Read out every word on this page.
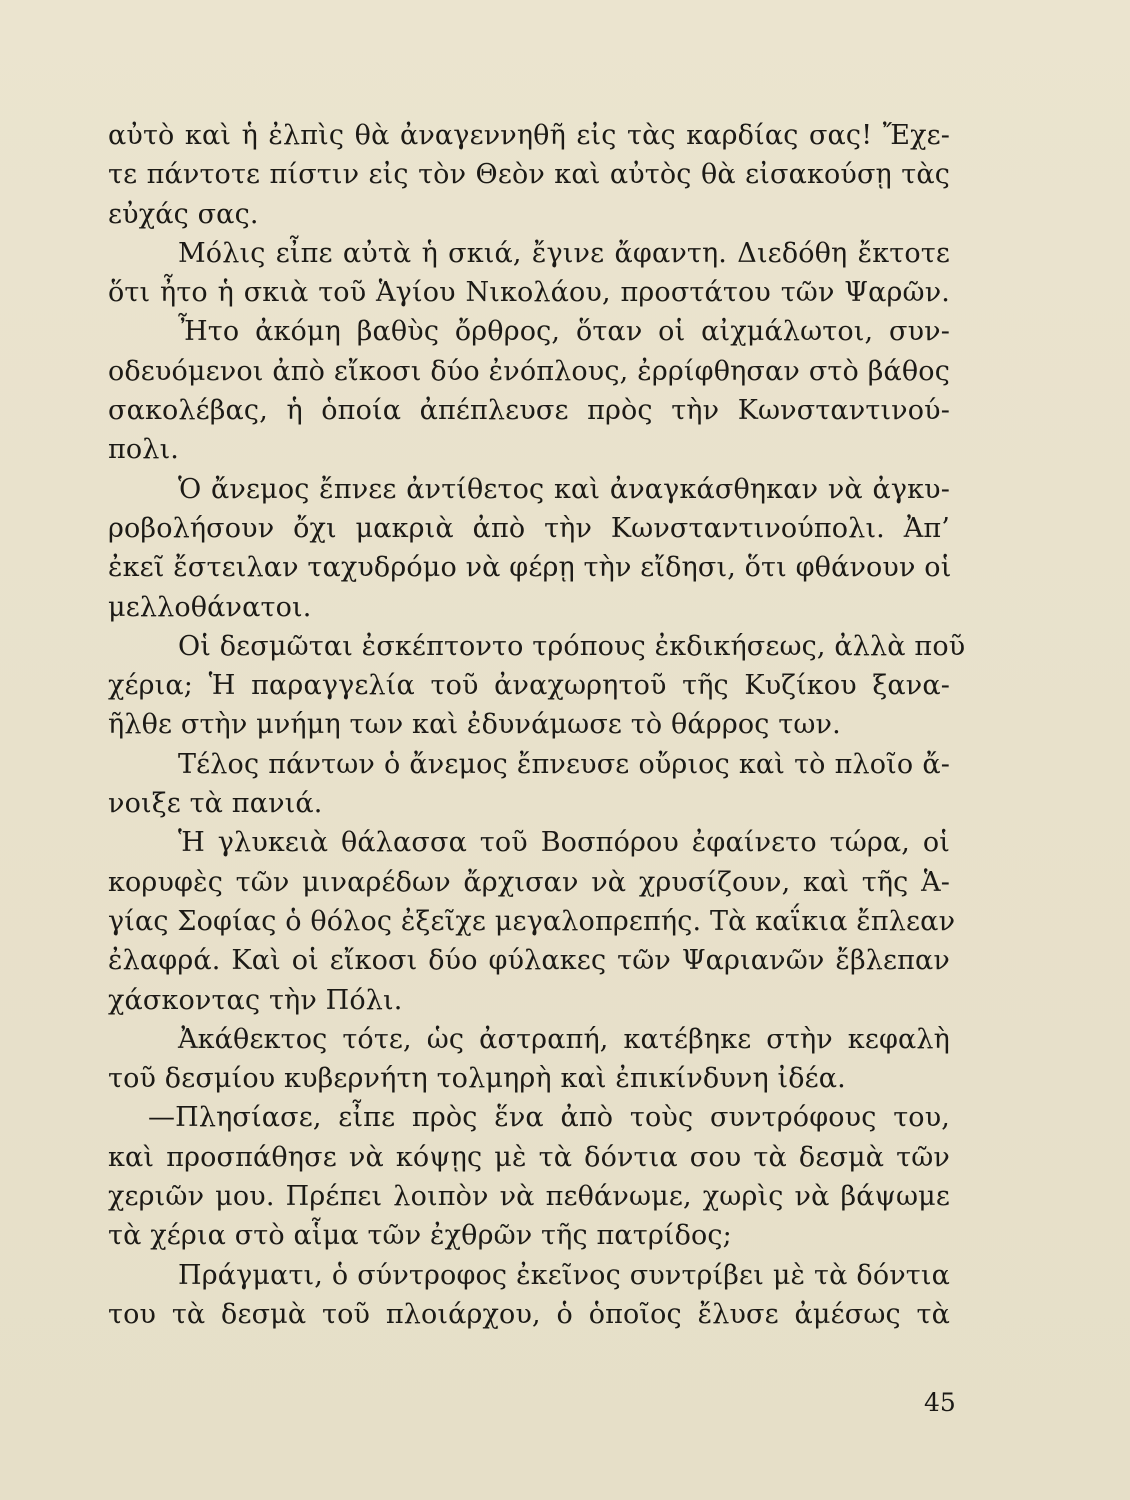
αὐτὸ καὶ ἡ ἐλπὶς θὰ ἀναγεννηθῆ εἰς τὰς καρδίας σας! Ἔχε-
τε πάντοτε πίστιν εἰς τὸν Θεὸν καὶ αὐτὸς θὰ εἰσακούσῃ τὰς
εὐχάς σας.
Μόλις εἶπε αὐτὰ ἡ σκιά, ἔγινε ἄφαντη. Διεδόθη ἔκτοτε
ὅτι ἦτο ἡ σκιὰ τοῦ Ἁγίου Νικολάου, προστάτου τῶν Ψαρῶν.
Ἦτο ἀκόμη βαθὺς ὄρθρος, ὅταν οἱ αἰχμάλωτοι, συν-
οδευόμενοι ἀπὸ εἴκοσι δύο ἐνόπλους, ἐρρίφθησαν στὸ βάθος
σακολέβας, ἡ ὁποία ἀπέπλευσε πρὸς τὴν Κωνσταντινού-
πολι.
Ὁ ἄνεμος ἔπνεε ἀντίθετος καὶ ἀναγκάσθηκαν νὰ ἀγκυ-
ροβολήσουν ὄχι μακριὰ ἀπὸ τὴν Κωνσταντινούπολι. Ἀπ’
ἐκεῖ ἔστειλαν ταχυδρόμο νὰ φέρῃ τὴν εἴδησι, ὅτι φθάνουν οἱ
μελλοθάνατοι.
Οἱ δεσμῶται ἐσκέπτοντο τρόπους ἐκδικήσεως, ἀλλὰ ποῦ
χέρια; Ἡ παραγγελία τοῦ ἀναχωρητοῦ τῆς Κυζίκου ξανα-
ῆλθε στὴν μνήμη των καὶ ἐδυνάμωσε τὸ θάρρος των.
Τέλος πάντων ὁ ἄνεμος ἔπνευσε οὔριος καὶ τὸ πλοῖο ἄ-
νοιξε τὰ πανιά.
Ἡ γλυκειὰ θάλασσα τοῦ Βοσπόρου ἐφαίνετο τώρα, οἱ
κορυφὲς τῶν μιναρέδων ἄρχισαν νὰ χρυσίζουν, καὶ τῆς Ἁ-
γίας Σοφίας ὁ θόλος ἐξεῖχε μεγαλοπρεπής. Τὰ καΐκια ἔπλεαν
ἐλαφρά. Καὶ οἱ εἴκοσι δύο φύλακες τῶν Ψαριανῶν ἔβλεπαν
χάσκοντας τὴν Πόλι.
Ἀκάθεκτος τότε, ὡς ἀστραπή, κατέβηκε στὴν κεφαλὴ
τοῦ δεσμίου κυβερνήτη τολμηρὴ καὶ ἐπικίνδυνη ἰδέα.
—Πλησίασε, εἶπε πρὸς ἕνα ἀπὸ τοὺς συντρόφους του,
καὶ προσπάθησε νὰ κόψῃς μὲ τὰ δόντια σου τὰ δεσμὰ τῶν
χεριῶν μου. Πρέπει λοιπὸν νὰ πεθάνωμε, χωρὶς νὰ βάψωμε
τὰ χέρια στὸ αἷμα τῶν ἐχθρῶν τῆς πατρίδος;
Πράγματι, ὁ σύντροφος ἐκεῖνος συντρίβει μὲ τὰ δόντια
του τὰ δεσμὰ τοῦ πλοιάρχου, ὁ ὁποῖος ἔλυσε ἀμέσως τὰ
45
